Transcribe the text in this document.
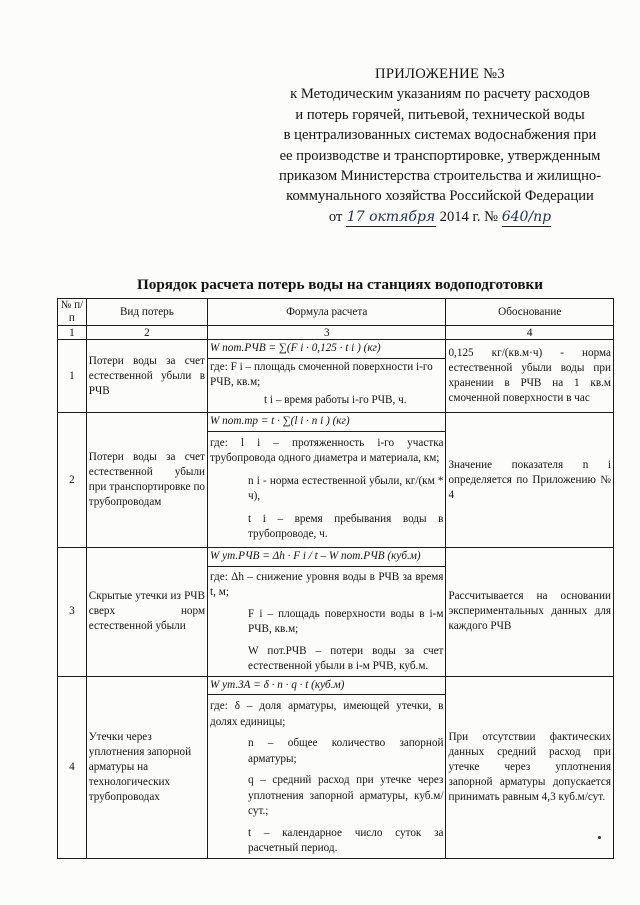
ПРИЛОЖЕНИЕ №3
к Методическим указаниям по расчету расходов
и потерь горячей, питьевой, технической воды
в централизованных системах водоснабжения при
ее производстве и транспортировке, утвержденным
приказом Министерства строительства и жилищно-
коммунального хозяйства Российской Федерации
от 17 октября 2014 г. № 640/пр
Порядок расчета потерь воды на станциях водоподготовки
№ п/п	Вид потерь	Формула расчета	Обоснование
1	2	3	4
1	Потери воды за счет естественной убыли в РЧВ	W пот.РЧВ = ∑(F i · 0,125 · t i ) (кг)
где: F i – площадь смоченной поверхности i-го РЧВ, кв.м;
t i – время работы i-го РЧВ, ч.	0,125 кг/(кв.м·ч) - норма естественной убыли воды при хранении в РЧВ на 1 кв.м смоченной поверхности в час
2	Потери воды за счет естественной убыли при транспортировке по трубопроводам	W пот.тр = t · ∑(l i · n i ) (кг)
где: l i – протяженность i-го участка трубопровода одного диаметра и материала, км;
n i - норма естественной убыли, кг/(км * ч),
t i – время пребывания воды в трубопроводе, ч.	Значение показателя n i определяется по Приложению № 4
3	Скрытые утечки из РЧВ сверх норм естественной убыли	W ут.РЧВ = Δh · F i / t – W пот.РЧВ (куб.м)
где: Δh – снижение уровня воды в РЧВ за время t, м;
F i – площадь поверхности воды в i-м РЧВ, кв.м;
W пот.РЧВ – потери воды за счет естественной убыли в i-м РЧВ, куб.м.	Рассчитывается на основании экспериментальных данных для каждого РЧВ
4	Утечки через уплотнения запорной арматуры на технологических трубопроводах	W ут.ЗА = δ · n · q · t (куб.м)
где: δ – доля арматуры, имеющей утечки, в долях единицы;
n – общее количество запорной арматуры;
q – средний расход при утечке через уплотнения запорной арматуры, куб.м/сут.;
t – календарное число суток за расчетный период.	При отсутствии фактических данных средний расход при утечке через уплотнения запорной арматуры допускается принимать равным 4,3 куб.м/сут.
